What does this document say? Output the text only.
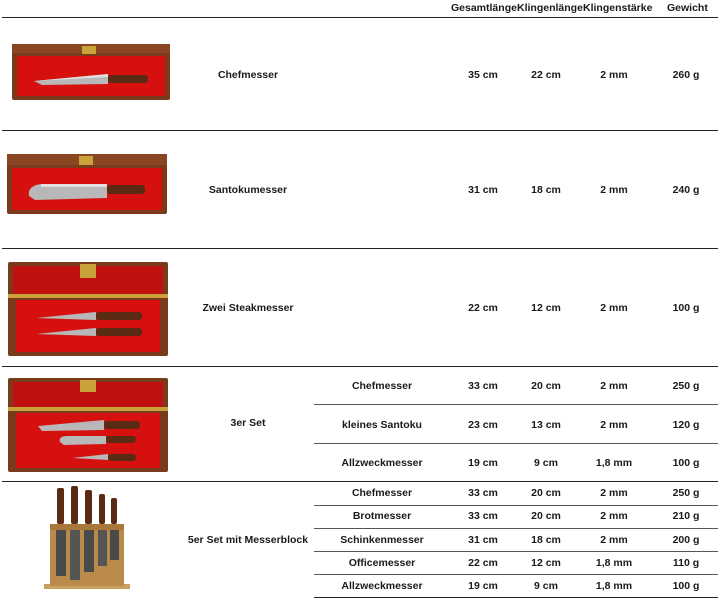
Gesamtlänge Klingenlänge Klingenstärke Gewicht
Chefmesser	35 cm	22 cm	2 mm	260 g
Santokumesser	31 cm	18 cm	2 mm	240 g
Zwei Steakmesser	22 cm	12 cm	2 mm	100 g
3er Set
Chefmesser	33 cm	20 cm	2 mm	250 g
kleines Santoku	23 cm	13 cm	2 mm	120 g
Allzweckmesser	19 cm	9 cm	1,8 mm	100 g
5er Set mit Messerblock
Chefmesser	33 cm	20 cm	2 mm	250 g
Brotmesser	33 cm	20 cm	2 mm	210 g
Schinkenmesser	31 cm	18 cm	2 mm	200 g
Officemesser	22 cm	12 cm	1,8 mm	110 g
Allzweckmesser	19 cm	9 cm	1,8 mm	100 g
